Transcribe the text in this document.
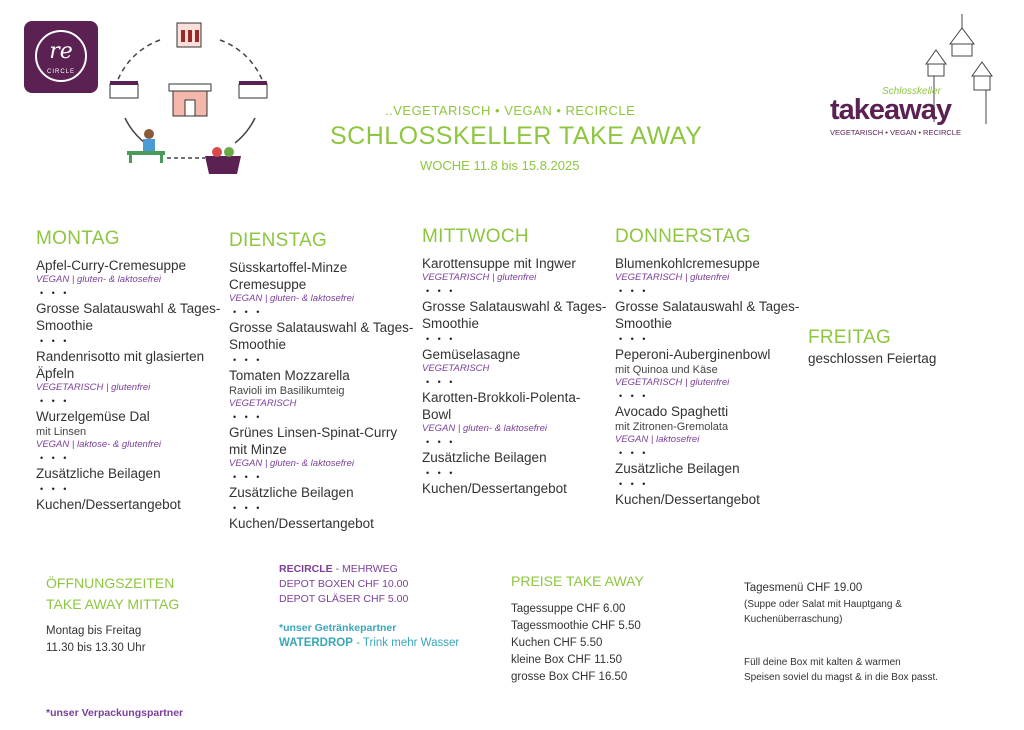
re
CIRCLE
..VEGETARISCH • VEGAN • RECIRCLE
SCHLOSSKELLER TAKE AWAY
WOCHE 11.8 bis 15.8.2025
Schlosskeller
takeaway
VEGETARISCH • VEGAN • RECIRCLE
MONTAG
Apfel-Curry-Cremesuppe
VEGAN | gluten- & laktosefrei
• • •
Grosse Salatauswahl & Tages-Smoothie
• • •
Randenrisotto mit glasierten Äpfeln
VEGETARISCH | glutenfrei
• • •
Wurzelgemüse Dal
mit Linsen
VEGAN | laktose- & glutenfrei
• • •
Zusätzliche Beilagen
• • •
Kuchen/Dessertangebot
DIENSTAG
Süsskartoffel-Minze Cremesuppe
VEGAN | gluten- & laktosefrei
• • •
Grosse Salatauswahl & Tages-Smoothie
• • •
Tomaten Mozzarella
Ravioli im Basilikumteig
VEGETARISCH
• • •
Grünes Linsen-Spinat-Curry mit Minze
VEGAN | gluten- & laktosefrei
• • •
Zusätzliche Beilagen
• • •
Kuchen/Dessertangebot
MITTWOCH
Karottensuppe mit Ingwer
VEGETARISCH | glutenfrei
• • •
Grosse Salatauswahl & Tages-Smoothie
• • •
Gemüselasagne
VEGETARISCH
• • •
Karotten-Brokkoli-Polenta-Bowl
VEGAN | gluten- & laktosefrei
• • •
Zusätzliche Beilagen
• • •
Kuchen/Dessertangebot
DONNERSTAG
Blumenkohlcremesuppe
VEGETARISCH | glutenfrei
• • •
Grosse Salatauswahl & Tages-Smoothie
• • •
Peperoni-Auberginenbowl
mit Quinoa und Käse
VEGETARISCH | glutenfrei
• • •
Avocado Spaghetti
mit Zitronen-Gremolata
VEGAN | laktosefrei
• • •
Zusätzliche Beilagen
• • •
Kuchen/Dessertangebot
FREITAG
geschlossen Feiertag
ÖFFNUNGSZEITEN
TAKE AWAY MITTAG
Montag bis Freitag
11.30 bis 13.30 Uhr
*unser Verpackungspartner
RECIRCLE - MEHRWEG
DEPOT BOXEN CHF 10.00
DEPOT GLÄSER CHF 5.00
*unser Getränkepartner
WATERDROP - Trink mehr Wasser
PREISE TAKE AWAY
Tagessuppe CHF 6.00
Tagessmoothie CHF 5.50
Kuchen CHF 5.50
kleine Box CHF 11.50
grosse Box CHF 16.50
Tagesmenü CHF 19.00
(Suppe oder Salat mit Hauptgang &
Kuchenüberraschung)
Füll deine Box mit kalten & warmen
Speisen soviel du magst & in die Box passt.
